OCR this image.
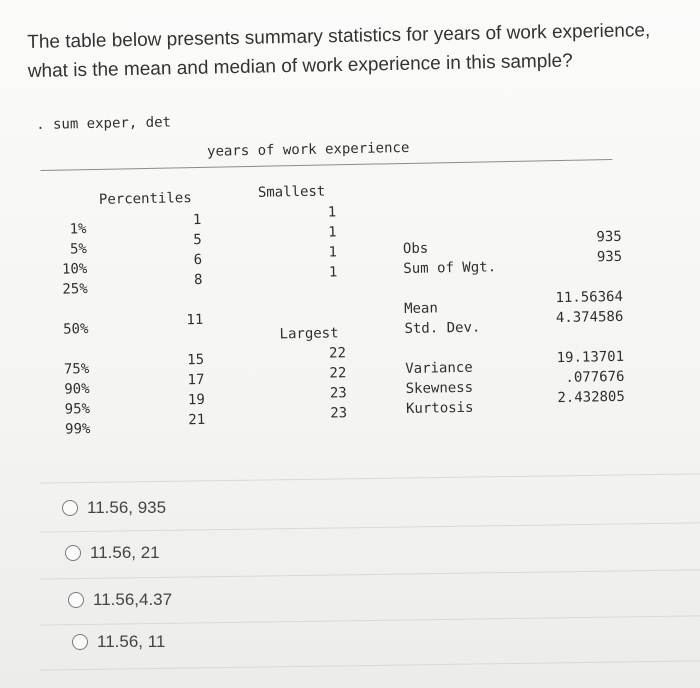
The table below presents summary statistics for years of work experience,
what is the mean and median of work experience in this sample?
. sum exper, det
years of work experience
Percentiles	Smallest
1%
5%
10%
25%
50%
75%
90%
95%
99%
1
5
6
8
11
15
17
19
21
1
1
1
1
Largest
22
22
23
23
Obs
Sum of Wgt.
Mean
Std. Dev.
Variance
Skewness
Kurtosis
935
935
11.56364
4.374586
19.13701
.077676
2.432805
11.56, 935
11.56, 21
11.56,4.37
11.56, 11
